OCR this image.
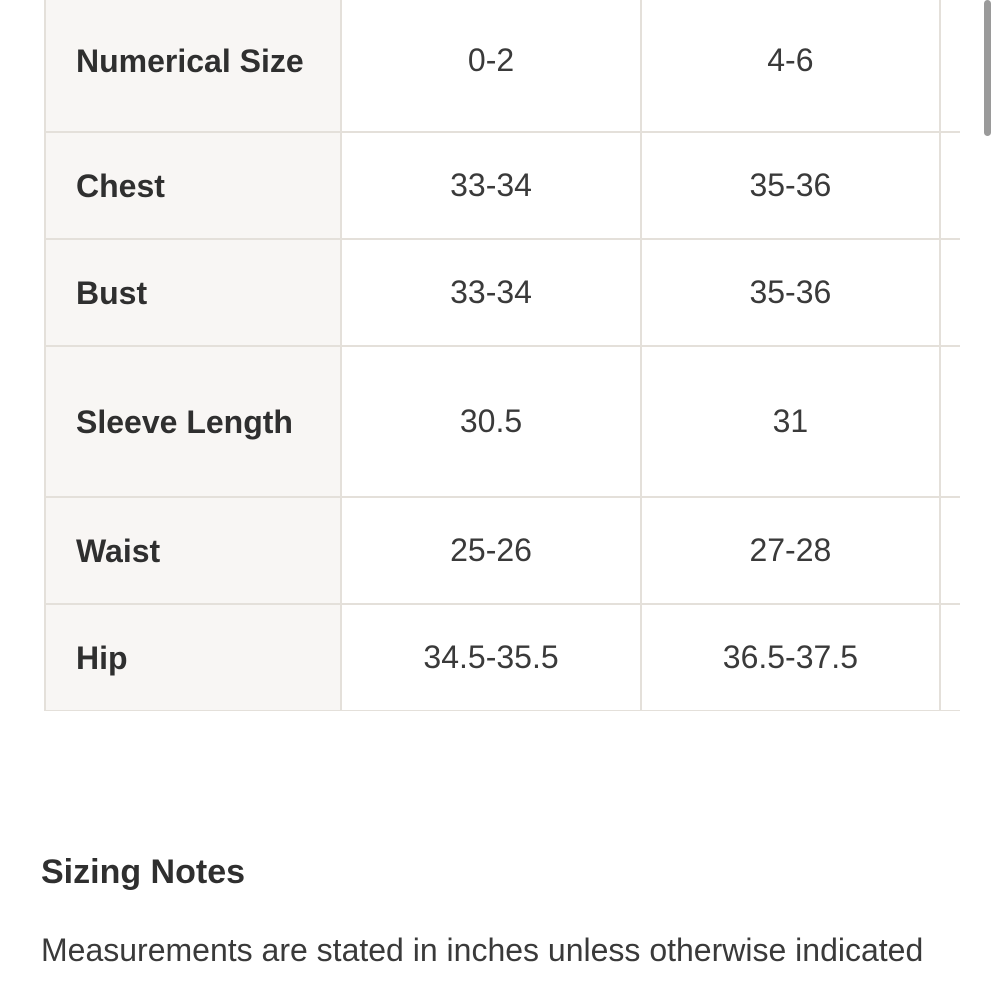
Numerical Size	0-2	4-6	
Chest	33-34	35-36	
Bust	33-34	35-36	
Sleeve Length	30.5	31	
Waist	25-26	27-28	
Hip	34.5-35.5	36.5-37.5	
Sizing Notes

Measurements are stated in inches unless otherwise indicated
